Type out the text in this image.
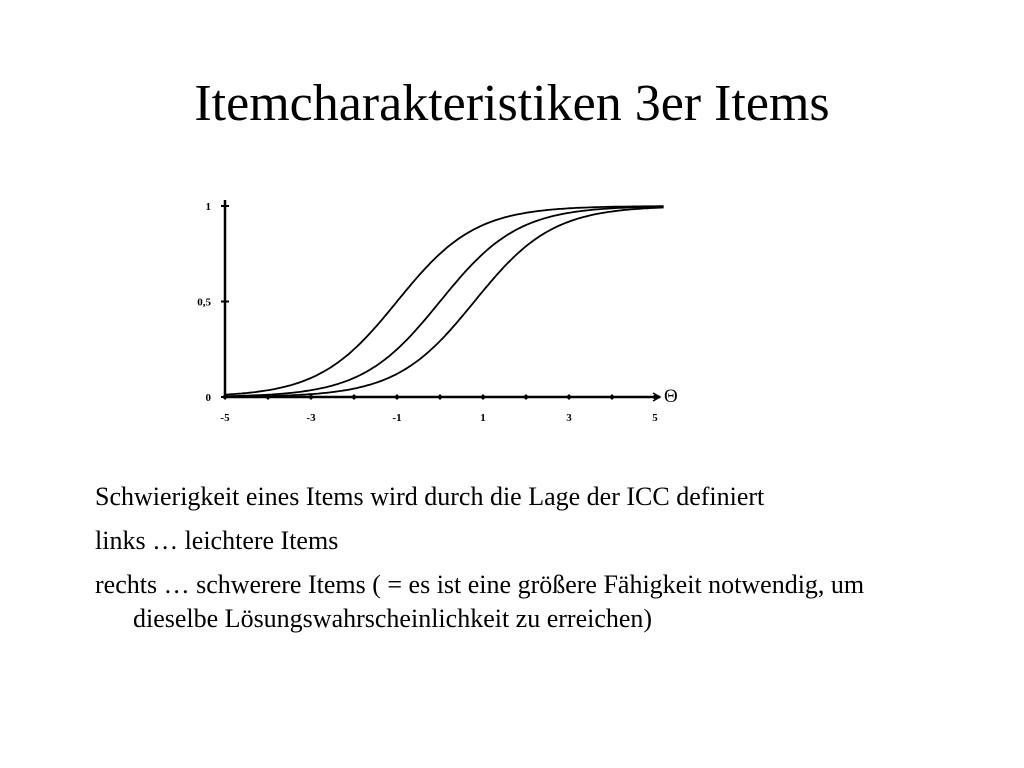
Itemcharakteristiken 3er Items
-5	-3	-1	1	3	5
0
0,5
1
Θ

Schwierigkeit eines Items wird durch die Lage der ICC definiert

links … leichtere Items

rechts … schwerere Items ( = es ist eine größere Fähigkeit notwendig, um dieselbe Lösungswahrscheinlichkeit zu erreichen)
